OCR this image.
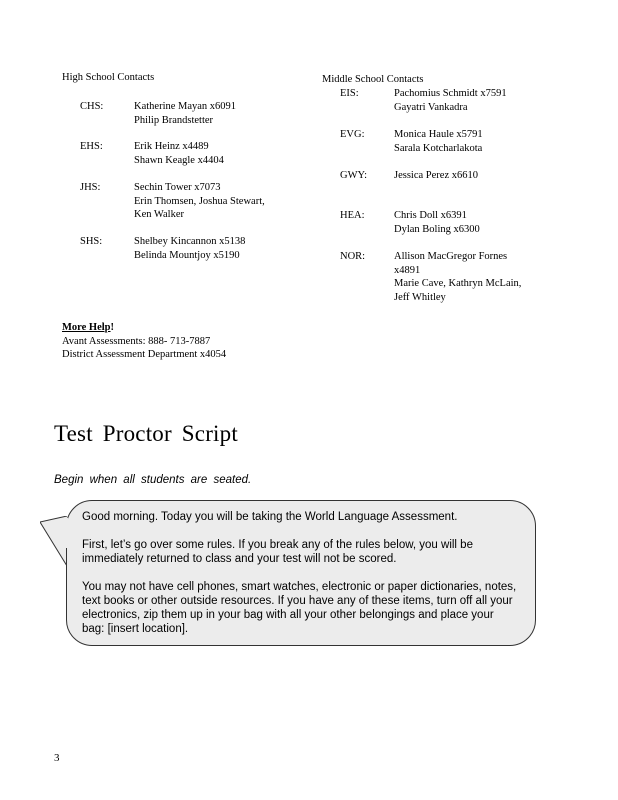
High School Contacts
CHS:	Katherine Mayan x6091
Philip Brandstetter
EHS:	Erik Heinz x4489
Shawn Keagle x4404
JHS:	Sechin Tower x7073
Erin Thomsen, Joshua Stewart,
Ken Walker
SHS:	Shelbey Kincannon x5138
Belinda Mountjoy x5190
Middle School Contacts
EIS:	Pachomius Schmidt x7591
Gayatri Vankadra
EVG:	Monica Haule x5791
Sarala Kotcharlakota
GWY:	Jessica Perez x6610
HEA:	Chris Doll x6391
Dylan Boling x6300
NOR:	Allison MacGregor Fornes
x4891
Marie Cave, Kathryn McLain,
Jeff Whitley
More Help!
Avant Assessments: 888- 713-7887
District Assessment Department x4054
Test Proctor Script
Begin when all students are seated.

Good morning. Today you will be taking the World Language Assessment.

First, let’s go over some rules. If you break any of the rules below, you will be immediately returned to class and your test will not be scored.

You may not have cell phones, smart watches, electronic or paper dictionaries, notes, text books or other outside resources. If you have any of these items, turn off all your electronics, zip them up in your bag with all your other belongings and place your bag: [insert location].

3
